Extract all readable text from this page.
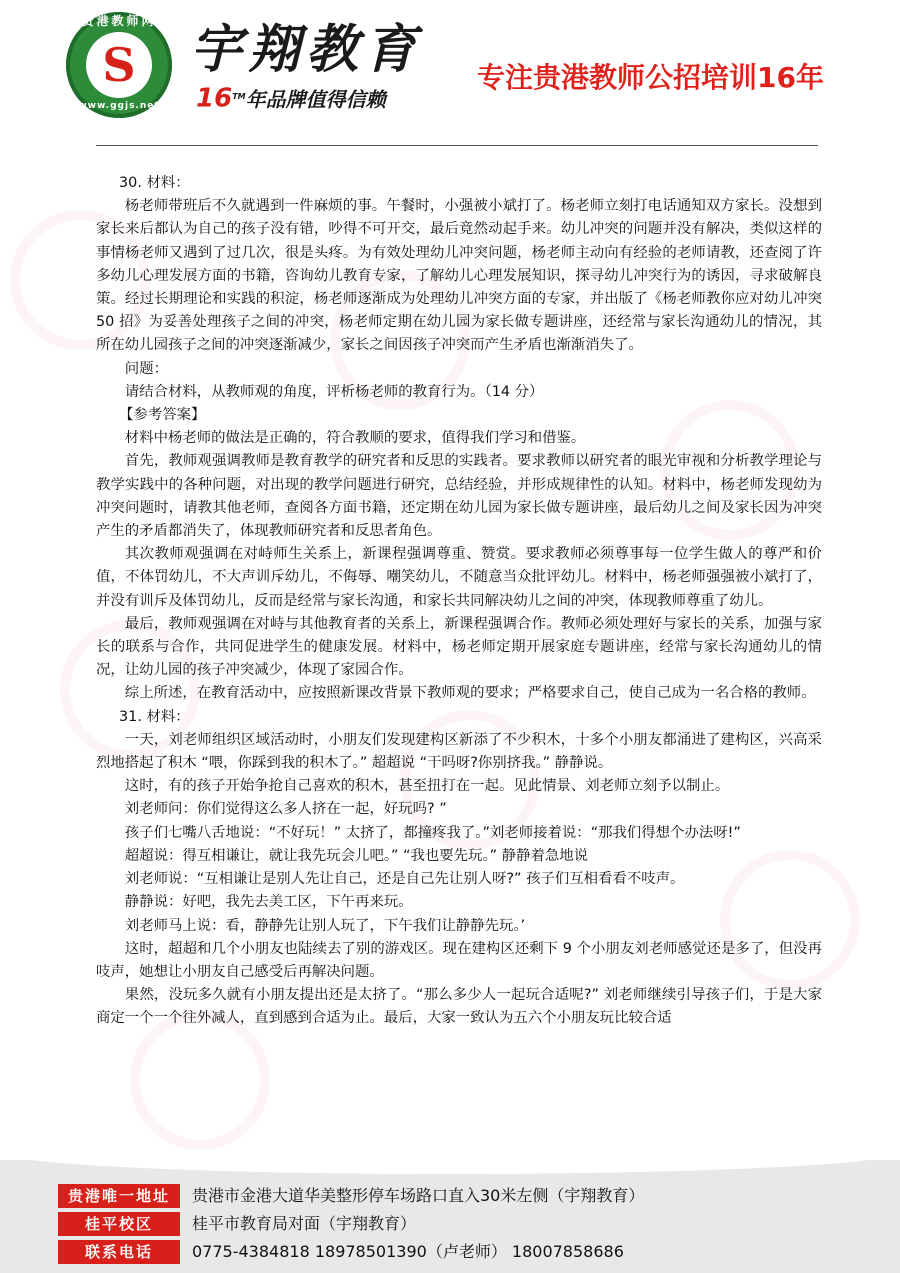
贵港教师网
S
www.ggjs.net
宇翔教育
16™年品牌值得信赖
专注贵港教师公招培训16年

30. 材料：

杨老师带班后不久就遇到一件麻烦的事。午餐时，小强被小斌打了。杨老师立刻打电话通知双方家长。没想到家长来后都认为自己的孩子没有错，吵得不可开交，最后竟然动起手来。幼儿冲突的问题并没有解决，类似这样的事情杨老师又遇到了过几次，很是头疼。为有效处理幼儿冲突问题，杨老师主动向有经验的老师请教，还查阅了许多幼儿心理发展方面的书籍，咨询幼儿教育专家，了解幼儿心理发展知识，探寻幼儿冲突行为的诱因，寻求破解良策。经过长期理论和实践的积淀，杨老师逐渐成为处理幼儿冲突方面的专家，并出版了《杨老师教你应对幼儿冲突 50 招》为妥善处理孩子之间的冲突，杨老师定期在幼儿园为家长做专题讲座，还经常与家长沟通幼儿的情况，其所在幼儿园孩子之间的冲突逐渐减少，家长之间因孩子冲突而产生矛盾也渐渐消失了。

问题：

请结合材料，从教师观的角度，评析杨老师的教育行为。（14 分）

【参考答案】

材料中杨老师的做法是正确的，符合教顺的要求，值得我们学习和借鉴。

首先，教师观强调教师是教育教学的研究者和反思的实践者。要求教师以研究者的眼光审视和分析教学理论与教学实践中的各种问题，对出现的教学问题进行研究，总结经验，并形成规律性的认知。材料中，杨老师发现幼为冲突问题时，请教其他老师，查阅各方面书籍，还定期在幼儿园为家长做专题讲座，最后幼儿之间及家长因为冲突产生的矛盾都消失了，体现教师研究者和反思者角色。

其次教师观强调在对峙师生关系上，新课程强调尊重、赞赏。要求教师必须尊事每一位学生做人的尊严和价值，不体罚幼儿，不大声训斥幼儿，不侮辱、嘲笑幼儿，不随意当众批评幼儿。材料中，杨老师强强被小斌打了，并没有训斥及体罚幼儿，反而是经常与家长沟通，和家长共同解决幼儿之间的冲突，体现教师尊重了幼儿。

最后，教师观强调在对峙与其他教育者的关系上，新课程强调合作。教师必须处理好与家长的关系，加强与家长的联系与合作，共同促进学生的健康发展。材料中，杨老师定期开展家庭专题讲座，经常与家长沟通幼儿的情况，让幼儿园的孩子冲突减少，体现了家园合作。

综上所述，在教育活动中，应按照新课改背景下教师观的要求；严格要求自己，使自己成为一名合格的教师。

31. 材料：

一天，刘老师组织区域活动时，小朋友们发现建构区新添了不少积木，十多个小朋友都涌进了建构区，兴高采烈地搭起了积木 “喂，你踩到我的积木了。” 超超说 “干吗呀?你别挤我。” 静静说。

这时，有的孩子开始争抢自己喜欢的积木，甚至扭打在一起。见此情景、刘老师立刻予以制止。

刘老师问：你们觉得这么多人挤在一起，好玩吗? ”

孩子们七嘴八舌地说：“不好玩！” 太挤了，都撞疼我了。”刘老师接着说：“那我们得想个办法呀!”

超超说：得互相谦让，就让我先玩会儿吧。” “我也要先玩。” 静静着急地说

刘老师说：“互相谦让是别人先让自己，还是自己先让别人呀?” 孩子们互相看看不吱声。

静静说：好吧，我先去美工区，下午再来玩。

刘老师马上说：看，静静先让别人玩了，下午我们让静静先玩。’

这时，超超和几个小朋友也陆续去了别的游戏区。现在建构区还剩下 9 个小朋友刘老师感觉还是多了，但没再吱声，她想让小朋友自己感受后再解决问题。

果然，没玩多久就有小朋友提出还是太挤了。“那么多少人一起玩合适呢?” 刘老师继续引导孩子们，于是大家商定一个一个往外减人，直到感到合适为止。最后，大家一致认为五六个小朋友玩比较合适

贵港唯一地址	贵港市金港大道华美整形停车场路口直入30米左侧（宇翔教育）
桂平校区	桂平市教育局对面（宇翔教育）
联系电话	0775-4384818 18978501390（卢老师） 18007858686
